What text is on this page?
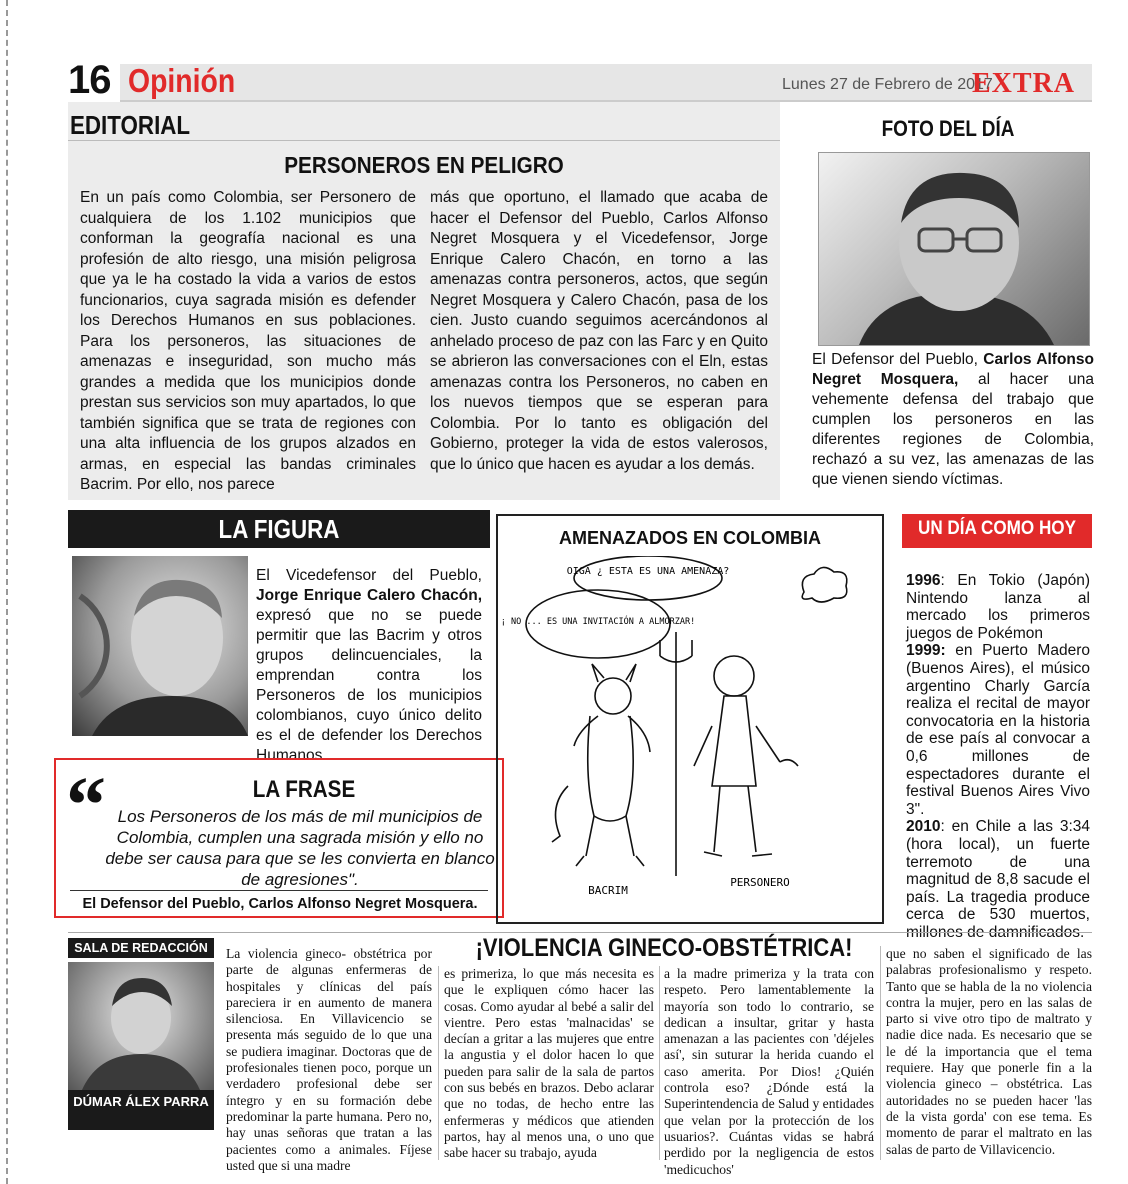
16 Opinión	Lunes 27 de Febrero de 2017
EXTRA
EDITORIAL
PERSONEROS EN PELIGRO
En un país como Colombia, ser Personero de cualquiera de los 1.102 municipios que conforman la geografía nacional es una profesión de alto riesgo, una misión peligrosa que ya le ha costado la vida a varios de estos funcionarios, cuya sagrada misión es defender los Derechos Humanos en sus poblaciones. Para los personeros, las situaciones de amenazas e inseguridad, son mucho más grandes a medida que los municipios donde prestan sus servicios son muy apartados, lo que también significa que se trata de regiones con una alta influencia de los grupos alzados en armas, en especial las bandas criminales Bacrim. Por ello, nos parece
más que oportuno, el llamado que acaba de hacer el Defensor del Pueblo, Carlos Alfonso Negret Mosquera y el Vicedefensor, Jorge Enrique Calero Chacón, en torno a las amenazas contra personeros, actos, que según Negret Mosquera y Calero Chacón, pasa de los cien. Justo cuando seguimos acercándonos al anhelado proceso de paz con las Farc y en Quito se abrieron las conversaciones con el Eln, estas amenazas contra los Personeros, no caben en los nuevos tiempos que se esperan para Colombia. Por lo tanto es obligación del Gobierno, proteger la vida de estos valerosos, que lo único que hacen es ayudar a los demás.
FOTO DEL DÍA
El Defensor del Pueblo, Carlos Alfonso Negret Mosquera, al hacer una vehemente defensa del trabajo que cumplen los personeros en las diferentes regiones de Colombia, rechazó a su vez, las amenazas de las que vienen siendo víctimas.
LA FIGURA
El Vicedefensor del Pueblo, Jorge Enrique Calero Chacón, expresó que no se puede permitir que las Bacrim y otros grupos delincuenciales, la emprendan contra los Personeros de los municipios colombianos, cuyo único delito es el de defender los Derechos Humanos.
“	LA FRASE
Los Personeros de los más de mil municipios de Colombia, cumplen una sagrada misión y ello no debe ser causa para que se les convierta en blanco de agresiones".
El Defensor del Pueblo, Carlos Alfonso Negret Mosquera.
AMENAZADOS EN COLOMBIA
OIGA ¿ ESTA ES UNA AMENAZA?
¡ NO ... ES UNA INVITACIÓN A ALMORZAR!
BACRIM
PERSONERO
UN DÍA COMO HOY
1996: En Tokio (Japón) Nintendo lanza al mercado los primeros juegos de Pokémon
1999: en Puerto Madero (Buenos Aires), el músico argentino Charly García realiza el recital de mayor convocatoria en la historia de ese país al convocar a 0,6 millones de espectadores durante el festival Buenos Aires Vivo 3".
2010: en Chile a las 3:34 (hora local), un fuerte terremoto de una magnitud de 8,8 sacude el país. La tragedia produce cerca de 530 muertos, millones de damnificados.
SALA DE REDACCIÓN
DÚMAR ÁLEX PARRA
La violencia gineco- obstétrica por parte de algunas enfermeras de hospitales y clínicas del país pareciera ir en aumento de manera silenciosa. En Villavicencio se presenta más seguido de lo que una se pudiera imaginar. Doctoras que de profesionales tienen poco, porque un verdadero profesional debe ser íntegro y en su formación debe predominar la parte humana. Pero no, hay unas señoras que tratan a las pacientes como a animales. Fíjese usted que si una madre
¡VIOLENCIA GINECO-OBSTÉTRICA!
es primeriza, lo que más necesita es que le expliquen cómo hacer las cosas. Como ayudar al bebé a salir del vientre. Pero estas 'malnacidas' se decían a gritar a las mujeres que entre la angustia y el dolor hacen lo que pueden para salir de la sala de partos con sus bebés en brazos. Debo aclarar que no todas, de hecho entre las enfermeras y médicos que atienden partos, hay al menos una, o uno que sabe hacer su trabajo, ayuda
a la madre primeriza y la trata con respeto. Pero lamentablemente la mayoría son todo lo contrario, se dedican a insultar, gritar y hasta amenazan a las pacientes con 'déjeles así', sin suturar la herida cuando el caso amerita. Por Dios! ¿Quién controla eso? ¿Dónde está la Superintendencia de Salud y entidades que velan por la protección de los usuarios?. Cuántas vidas se habrá perdido por la negligencia de estos 'medicuchos'
que no saben el significado de las palabras profesionalismo y respeto. Tanto que se habla de la no violencia contra la mujer, pero en las salas de parto si vive otro tipo de maltrato y nadie dice nada. Es necesario que se le dé la importancia que el tema requiere. Hay que ponerle fin a la violencia gineco – obstétrica. Las autoridades no se pueden hacer 'las de la vista gorda' con ese tema. Es momento de parar el maltrato en las salas de parto de Villavicencio.
